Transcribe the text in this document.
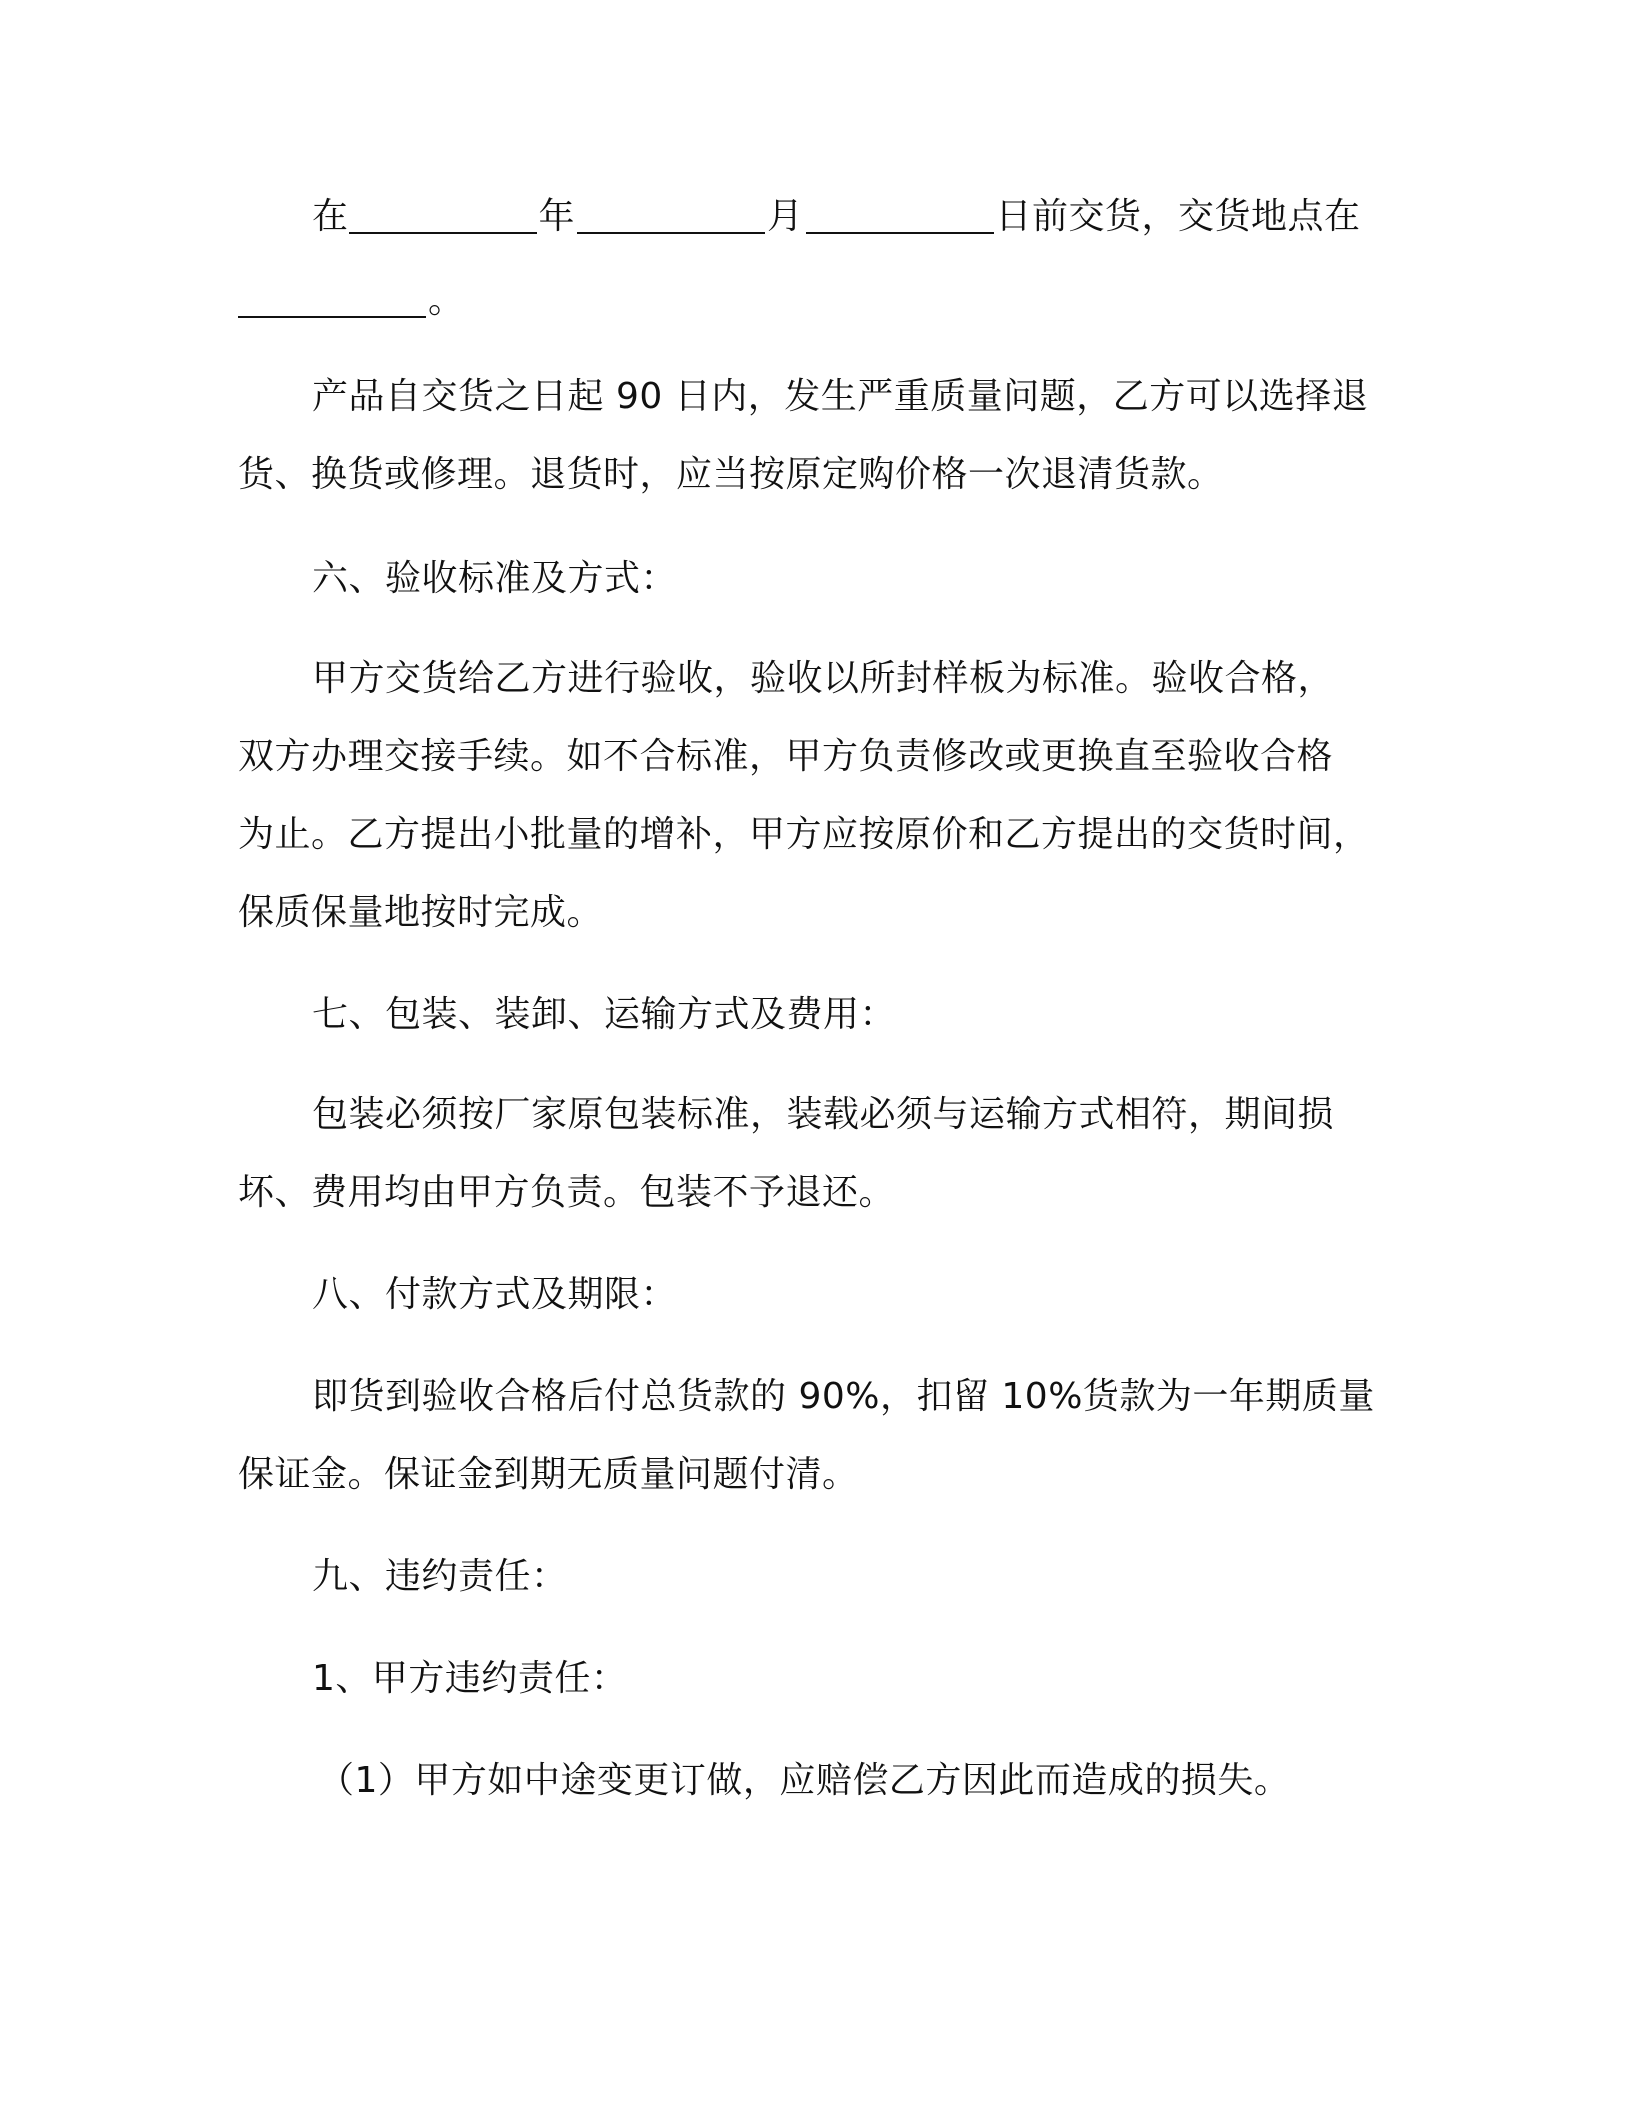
在	年	月	日前交货，交货地点在
。
产品自交货之日起 90 日内，发生严重质量问题，乙方可以选择退
货、换货或修理。退货时，应当按原定购价格一次退清货款。
六、验收标准及方式：
甲方交货给乙方进行验收，验收以所封样板为标准。验收合格，
双方办理交接手续。如不合标准，甲方负责修改或更换直至验收合格
为止。乙方提出小批量的增补，甲方应按原价和乙方提出的交货时间，
保质保量地按时完成。
七、包装、装卸、运输方式及费用：
包装必须按厂家原包装标准，装载必须与运输方式相符，期间损
坏、费用均由甲方负责。包装不予退还。
八、付款方式及期限：
即货到验收合格后付总货款的 90%，扣留 10%货款为一年期质量
保证金。保证金到期无质量问题付清。
九、违约责任：
1、甲方违约责任：
（1）甲方如中途变更订做，应赔偿乙方因此而造成的损失。
